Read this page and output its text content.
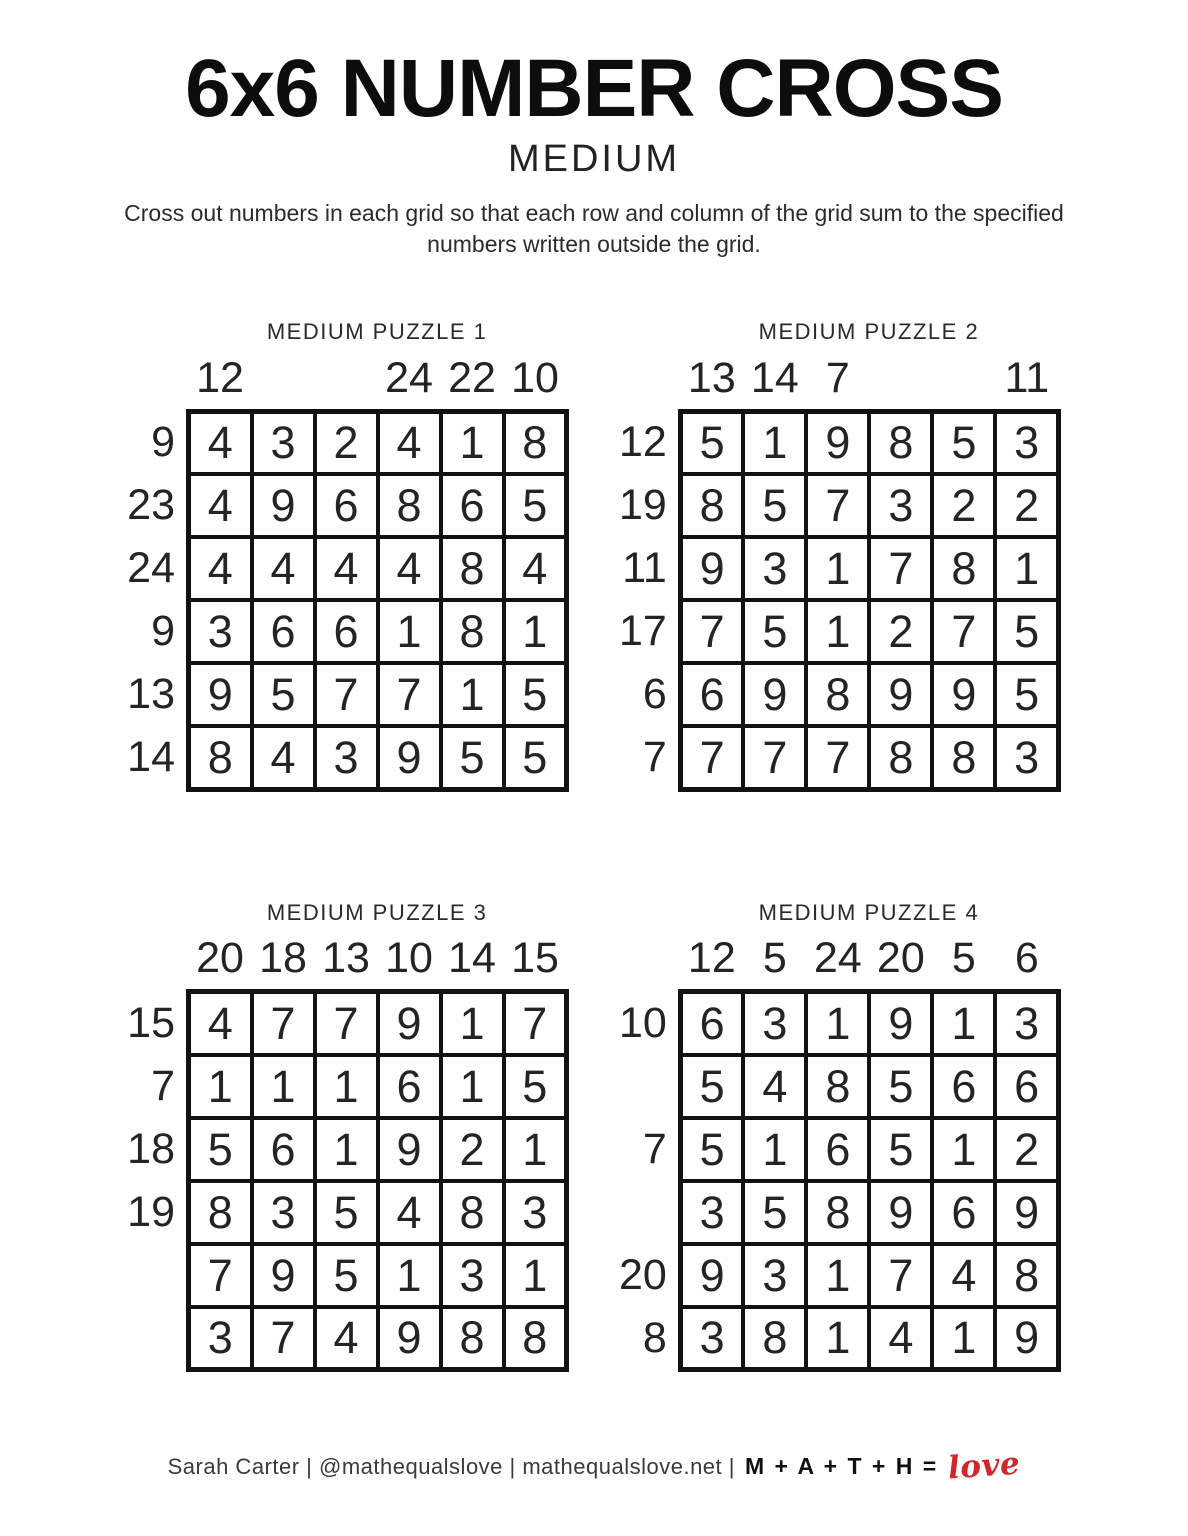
6x6 NUMBER CROSS
MEDIUM

Cross out numbers in each grid so that each row and column of the grid sum to the specified numbers written outside the grid.

MEDIUM PUZZLE 1
	12			24	22	10
9	4	3	2	4	1	8
23	4	9	6	8	6	5
24	4	4	4	4	8	4
9	3	6	6	1	8	1
13	9	5	7	7	1	5
14	8	4	3	9	5	5
MEDIUM PUZZLE 2
	13	14	7			11
12	5	1	9	8	5	3
19	8	5	7	3	2	2
11	9	3	1	7	8	1
17	7	5	1	2	7	5
6	6	9	8	9	9	5
7	7	7	7	8	8	3
MEDIUM PUZZLE 3
	20	18	13	10	14	15
15	4	7	7	9	1	7
7	1	1	1	6	1	5
18	5	6	1	9	2	1
19	8	3	5	4	8	3
	7	9	5	1	3	1
	3	7	4	9	8	8
MEDIUM PUZZLE 4
	12	5	24	20	5	6
10	6	3	1	9	1	3
	5	4	8	5	6	6
7	5	1	6	5	1	2
	3	5	8	9	6	9
20	9	3	1	7	4	8
8	3	8	1	4	1	9
Sarah Carter | @mathequalslove | mathequalslove.net | M + A + T + H = love
